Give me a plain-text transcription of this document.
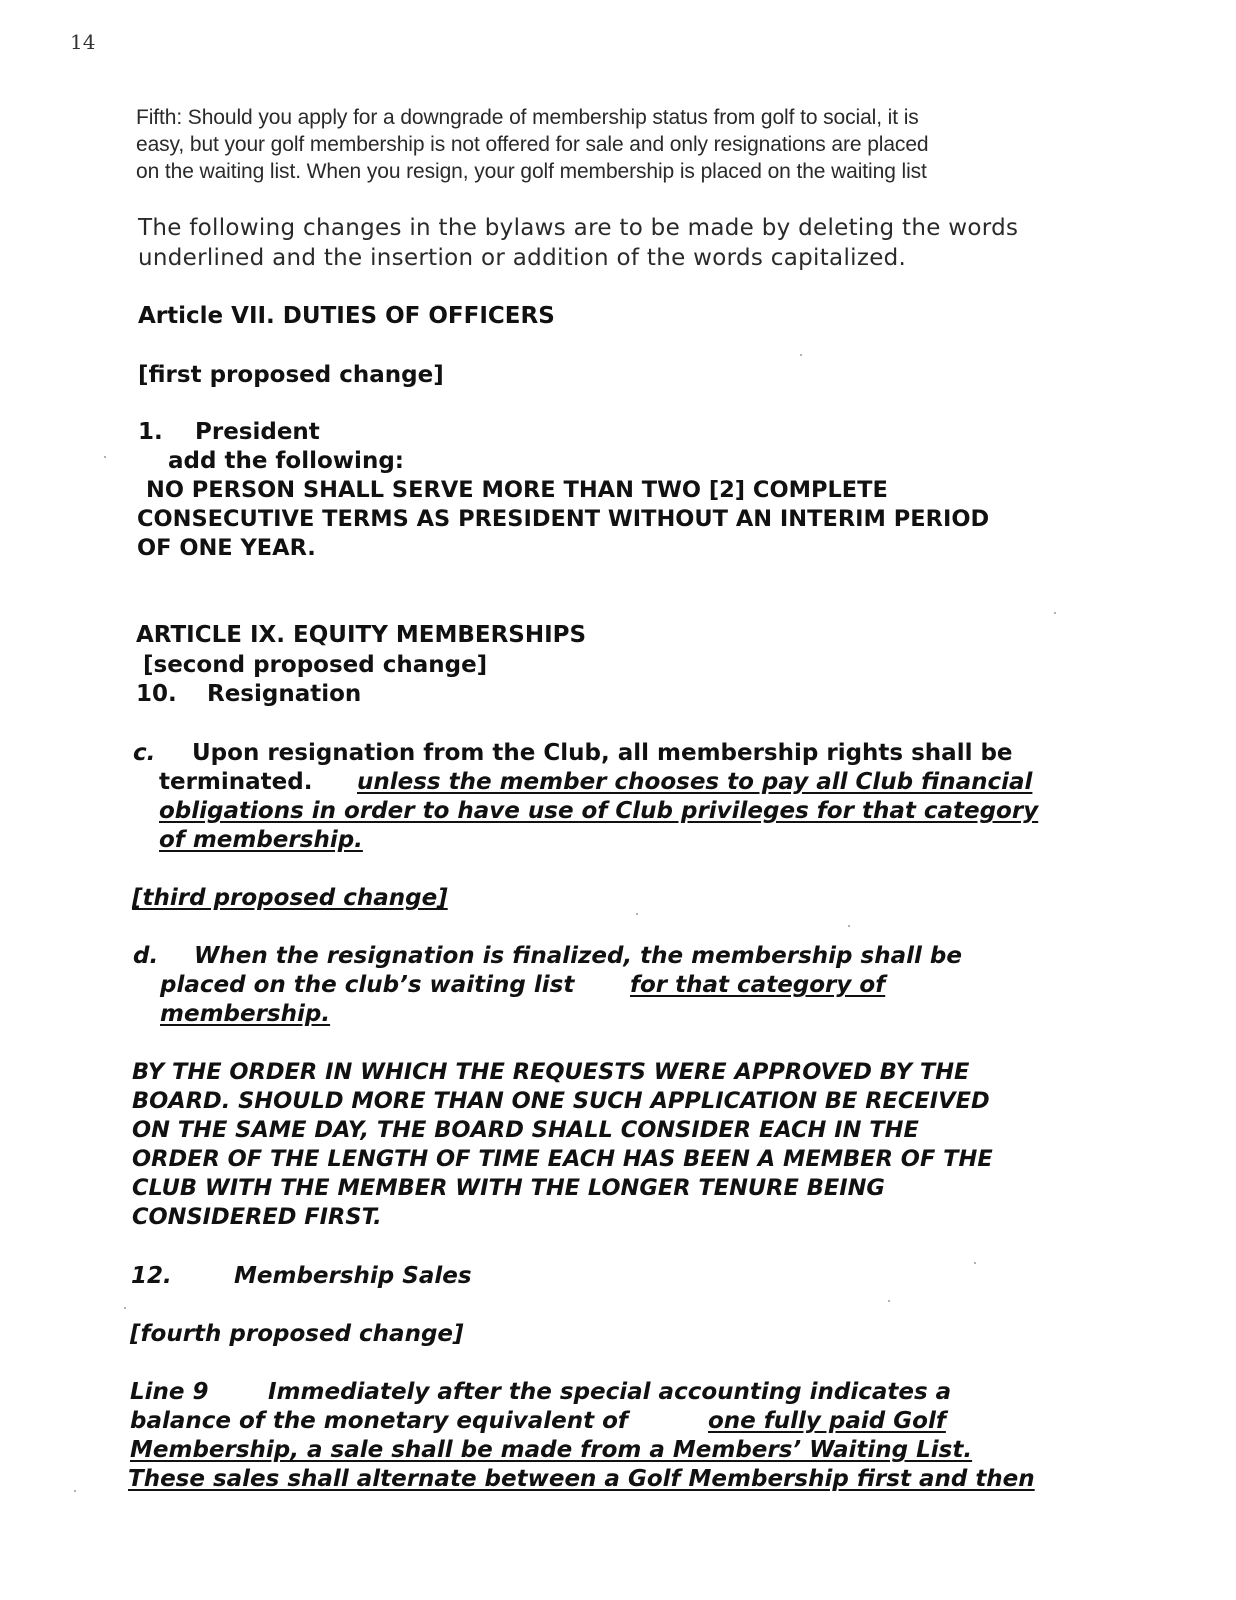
14
Fifth: Should you apply for a downgrade of membership status from golf to social, it is
easy, but your golf membership is not offered for sale and only resignations are placed
on the waiting list. When you resign, your golf membership is placed on the waiting list
The following changes in the bylaws are to be made by deleting the words
underlined and the insertion or addition of the words capitalized.
Article VII. DUTIES OF OFFICERS
[first proposed change]
1. President
add the following:
NO PERSON SHALL SERVE MORE THAN TWO [2] COMPLETE
CONSECUTIVE TERMS AS PRESIDENT WITHOUT AN INTERIM PERIOD
OF ONE YEAR.
ARTICLE IX. EQUITY MEMBERSHIPS
[second proposed change]
10. Resignation
c. Upon resignation from the Club, all membership rights shall be
terminated. unless the member chooses to pay all Club financial
obligations in order to have use of Club privileges for that category
of membership.
[third proposed change]
d. When the resignation is finalized, the membership shall be
placed on the club’s waiting list for that category of
membership.
BY THE ORDER IN WHICH THE REQUESTS WERE APPROVED BY THE
BOARD. SHOULD MORE THAN ONE SUCH APPLICATION BE RECEIVED
ON THE SAME DAY, THE BOARD SHALL CONSIDER EACH IN THE
ORDER OF THE LENGTH OF TIME EACH HAS BEEN A MEMBER OF THE
CLUB WITH THE MEMBER WITH THE LONGER TENURE BEING
CONSIDERED FIRST.
12.	Membership Sales
[fourth proposed change]
Line 9	Immediately after the special accounting indicates a
balance of the monetary equivalent of	one fully paid Golf
Membership, a sale shall be made from a Members’ Waiting List.
These sales shall alternate between a Golf Membership first and then
